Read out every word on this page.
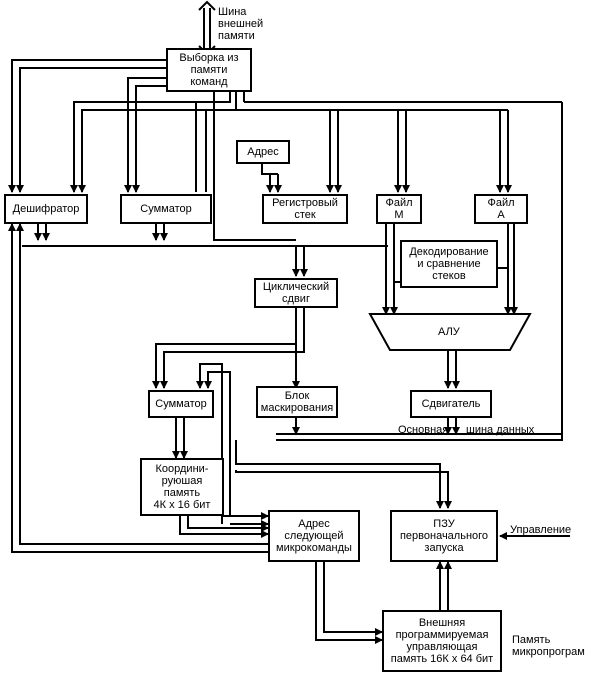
Выборка из
памяти
команд
Дешифратор	Сумматор
Адрес
Регистровый
стек
Файл
М
Файл
А
Декодирование
и сравнение
стеков
Циклический
сдвиг
АЛУ
Сумматор
Блок
маскирования	Сдвигатель
Координи-
руюшая
память
4К х 16 бит
Адрес
следующей
микрокоманды
ПЗУ
первоначального
запуска
Внешняя
программируемая
управляющая
память 16К х 64 бит
Шина
внешней
памяти
Основная шина данных
Управление
Память
микропрограм
